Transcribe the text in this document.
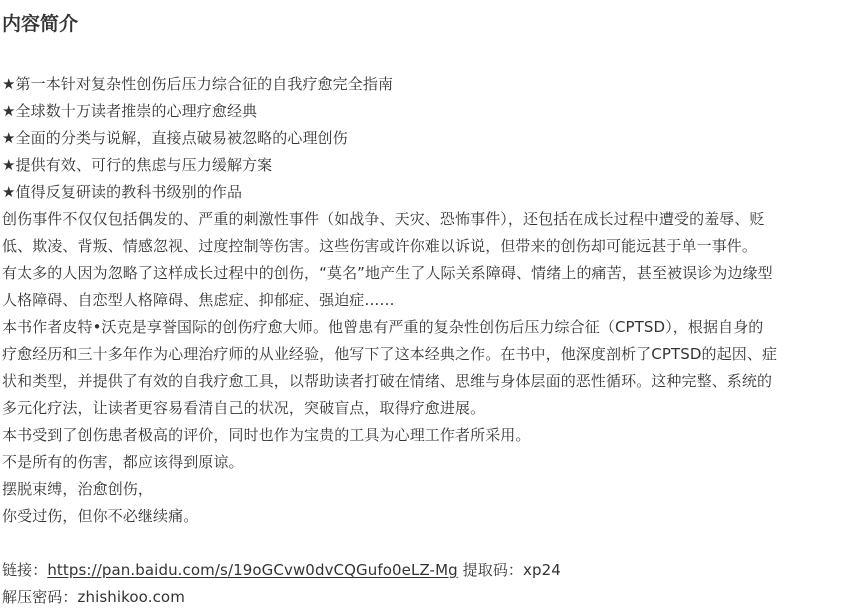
内容简介
★第一本针对复杂性创伤后压力综合征的自我疗愈完全指南
★全球数十万读者推崇的心理疗愈经典
★全面的分类与说解，直接点破易被忽略的心理创伤
★提供有效、可行的焦虑与压力缓解方案
★值得反复研读的教科书级别的作品
创伤事件不仅仅包括偶发的、严重的刺激性事件（如战争、天灾、恐怖事件），还包括在成长过程中遭受的羞辱、贬
低、欺凌、背叛、情感忽视、过度控制等伤害。这些伤害或许你难以诉说，但带来的创伤却可能远甚于单一事件。
有太多的人因为忽略了这样成长过程中的创伤，“莫名”地产生了人际关系障碍、情绪上的痛苦，甚至被误诊为边缘型
人格障碍、自恋型人格障碍、焦虑症、抑郁症、强迫症……
本书作者皮特•沃克是享誉国际的创伤疗愈大师。他曾患有严重的复杂性创伤后压力综合征（CPTSD），根据自身的
疗愈经历和三十多年作为心理治疗师的从业经验，他写下了这本经典之作。在书中，他深度剖析了CPTSD的起因、症
状和类型，并提供了有效的自我疗愈工具，以帮助读者打破在情绪、思维与身体层面的恶性循环。这种完整、系统的
多元化疗法，让读者更容易看清自己的状况，突破盲点，取得疗愈进展。
本书受到了创伤患者极高的评价，同时也作为宝贵的工具为心理工作者所采用。
不是所有的伤害，都应该得到原谅。
摆脱束缚，治愈创伤，
你受过伤，但你不必继续痛。
链接：https://pan.baidu.com/s/19oGCvw0dvCQGufo0eLZ-Mg 提取码：xp24
解压密码：zhishikoo.com
